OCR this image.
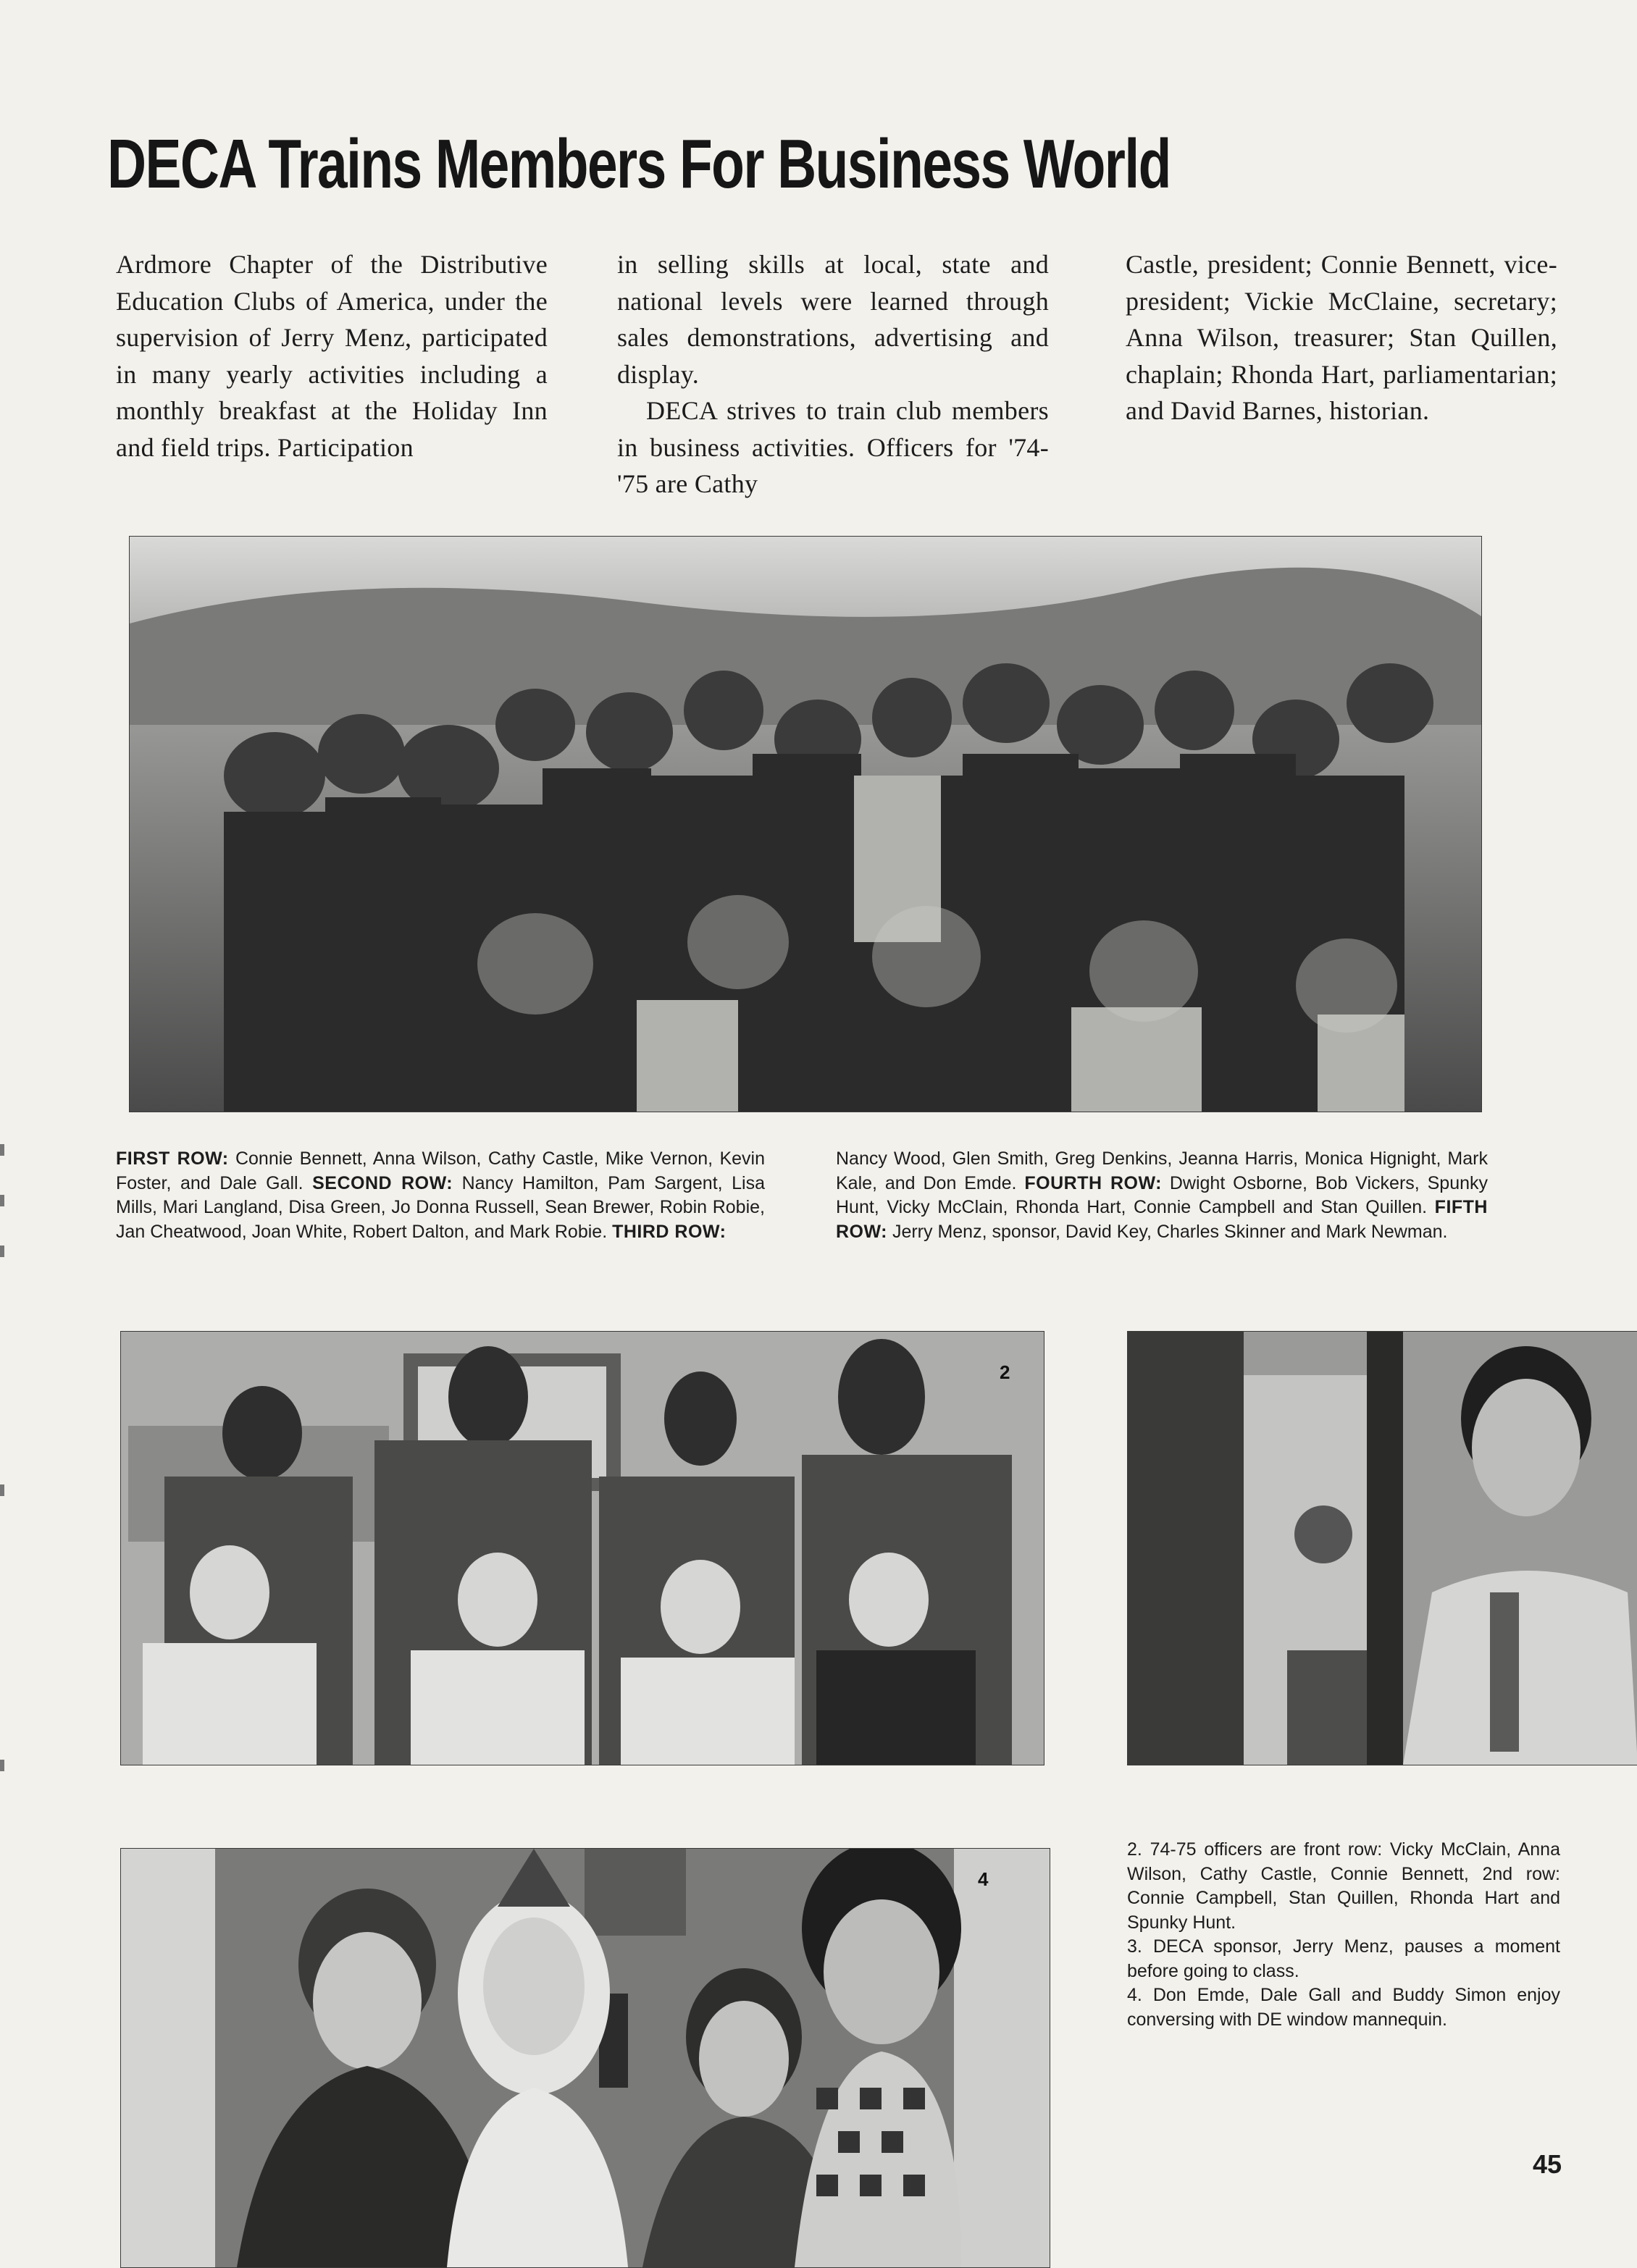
DECA Trains Members For Business World

Ardmore Chapter of the Distributive Education Clubs of America, under the supervision of Jerry Menz, participated in many yearly activities including a monthly breakfast at the Holiday Inn and field trips. Participation

in selling skills at local, state and national levels were learned through sales demonstrations, advertising and display.

DECA strives to train club members in business activities. Officers for '74-'75 are Cathy

Castle, president; Connie Bennett, vice-president; Vickie McClaine, secretary; Anna Wilson, treasurer; Stan Quillen, chaplain; Rhonda Hart, parliamentarian; and David Barnes, historian.

FIRST ROW: Connie Bennett, Anna Wilson, Cathy Castle, Mike Vernon, Kevin Foster, and Dale Gall. SECOND ROW: Nancy Hamilton, Pam Sargent, Lisa Mills, Mari Langland, Disa Green, Jo Donna Russell, Sean Brewer, Robin Robie, Jan Cheatwood, Joan White, Robert Dalton, and Mark Robie. THIRD ROW:

Nancy Wood, Glen Smith, Greg Denkins, Jeanna Harris, Monica Hignight, Mark Kale, and Don Emde. FOURTH ROW: Dwight Osborne, Bob Vickers, Spunky Hunt, Vicky McClain, Rhonda Hart, Connie Campbell and Stan Quillen. FIFTH ROW: Jerry Menz, sponsor, David Key, Charles Skinner and Mark Newman.

2
4

2. 74-75 officers are front row: Vicky McClain, Anna Wilson, Cathy Castle, Connie Bennett, 2nd row: Connie Campbell, Stan Quillen, Rhonda Hart and Spunky Hunt.

3. DECA sponsor, Jerry Menz, pauses a moment before going to class.

4. Don Emde, Dale Gall and Buddy Simon enjoy conversing with DE window mannequin.

45
